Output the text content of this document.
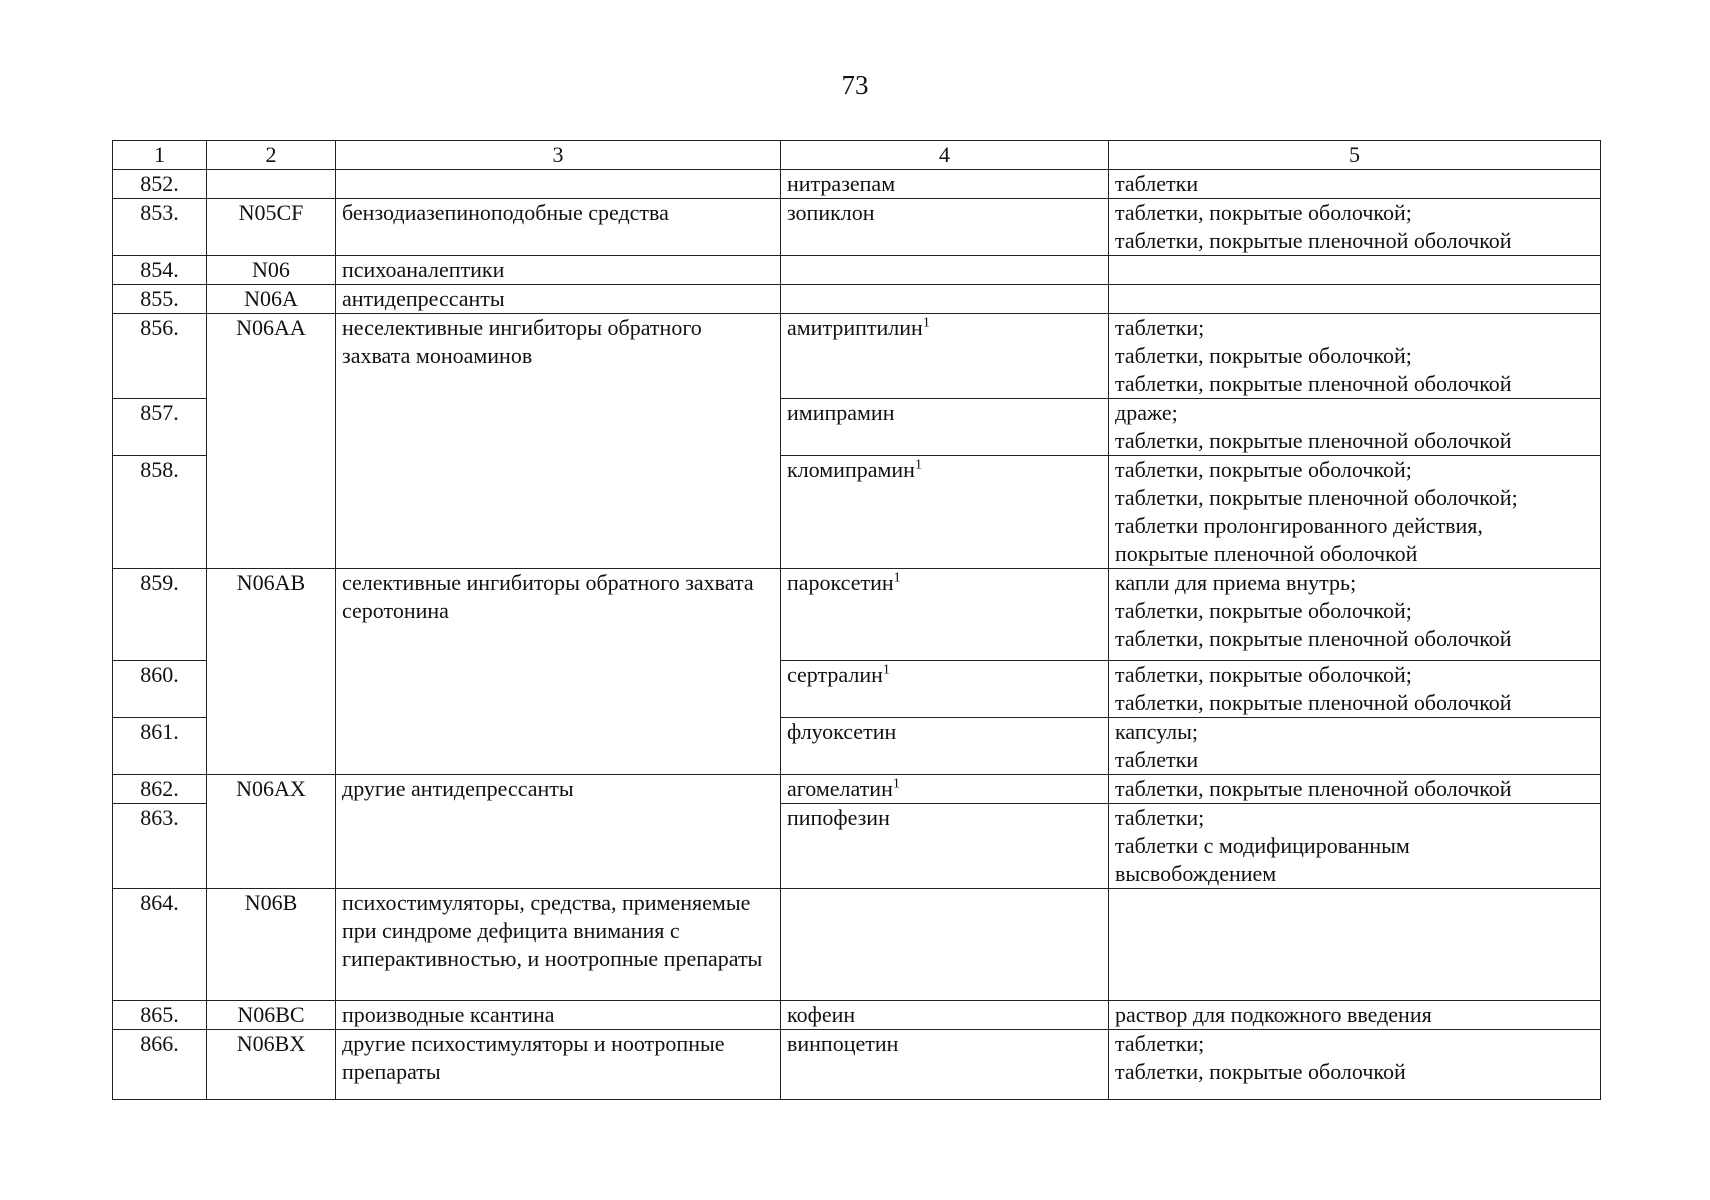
73
1	2	3	4	5
852.			нитразепам	таблетки

853.	N05CF	бензодиазепиноподобные средства	зопиклон	таблетки, покрытые оболочкой;
таблетки, покрытые пленочной оболочкой

854.	N06	психоаналептики		
855.	N06A	антидепрессанты		
856.	N06AA	неселективные ингибиторы обратного захвата моноаминов	амитриптилин$^1$	таблетки;
таблетки, покрытые оболочкой;
таблетки, покрытые пленочной оболочкой

857.			имипрамин	драже;
таблетки, покрытые пленочной оболочкой

858.			кломипрамин$^1$	таблетки, покрытые оболочкой;
таблетки, покрытые пленочной оболочкой;
таблетки пролонгированного действия,
покрытые пленочной оболочкой

859.	N06AB	селективные ингибиторы обратного захвата серотонина	пароксетин$^1$	капли для приема внутрь;
таблетки, покрытые оболочкой;
таблетки, покрытые пленочной оболочкой

860.			сертралин$^1$	таблетки, покрытые оболочкой;
таблетки, покрытые пленочной оболочкой

861.			флуоксетин	капсулы;
таблетки

862.	N06AX	другие антидепрессанты	агомелатин$^1$	таблетки, покрытые пленочной оболочкой

863.			пипофезин	таблетки;
таблетки с модифицированным
высвобождением

864.	N06B	психостимуляторы, средства, применяемые при синдроме дефицита внимания с гиперактивностью, и ноотропные препараты		
865.	N06BC	производные ксантина	кофеин	раствор для подкожного введения

866.	N06BX	другие психостимуляторы и ноотропные препараты	винпоцетин	таблетки;
таблетки, покрытые оболочкой
